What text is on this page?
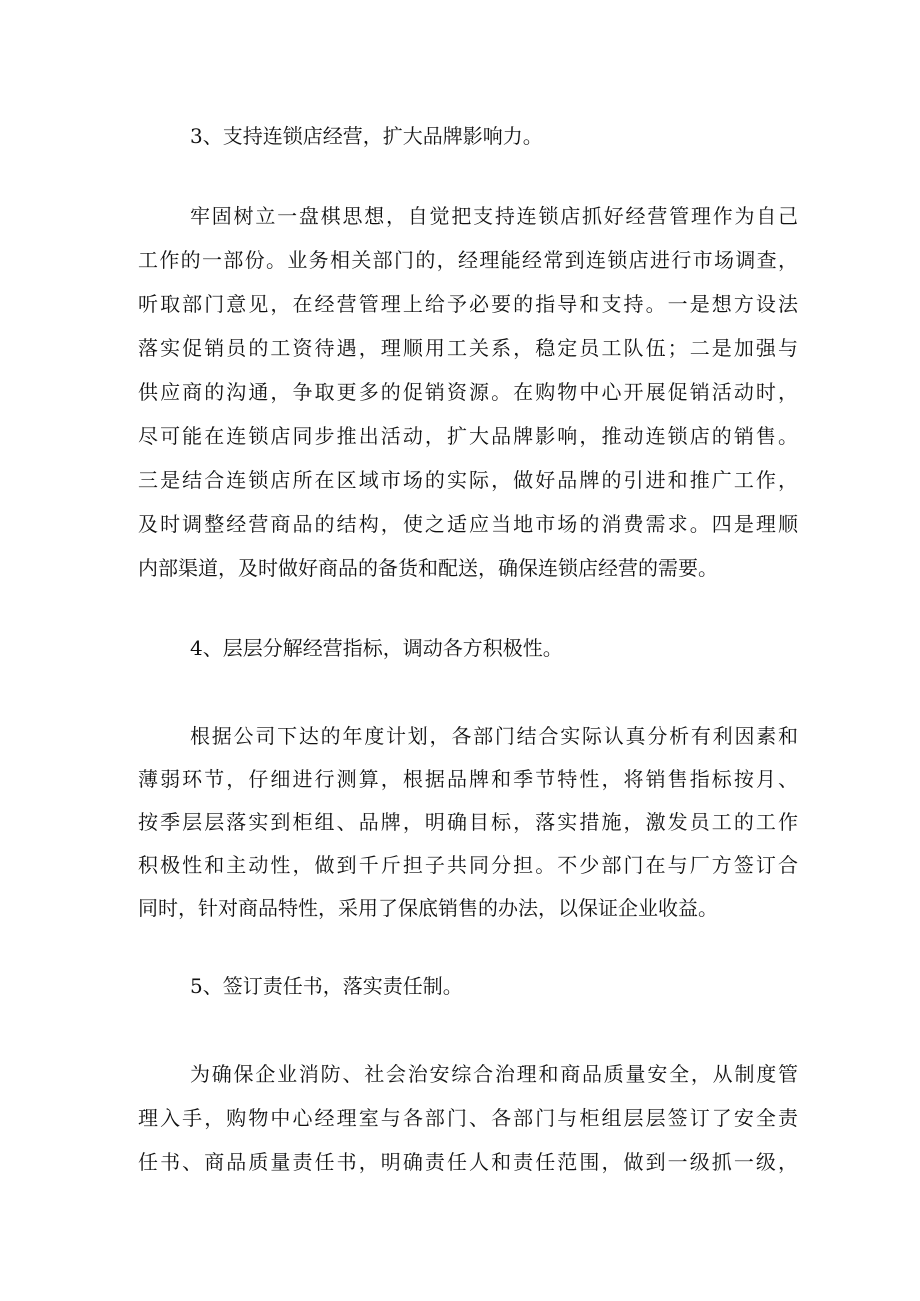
3、支持连锁店经营，扩大品牌影响力。

牢固树立一盘棋思想，自觉把支持连锁店抓好经营管理作为自己

工作的一部份。业务相关部门的，经理能经常到连锁店进行市场调查，

听取部门意见，在经营管理上给予必要的指导和支持。一是想方设法

落实促销员的工资待遇，理顺用工关系，稳定员工队伍；二是加强与

供应商的沟通，争取更多的促销资源。在购物中心开展促销活动时，

尽可能在连锁店同步推出活动，扩大品牌影响，推动连锁店的销售。

三是结合连锁店所在区域市场的实际，做好品牌的引进和推广工作，

及时调整经营商品的结构，使之适应当地市场的消费需求。四是理顺

内部渠道，及时做好商品的备货和配送，确保连锁店经营的需要。

4、层层分解经营指标，调动各方积极性。

根据公司下达的年度计划，各部门结合实际认真分析有利因素和

薄弱环节，仔细进行测算，根据品牌和季节特性，将销售指标按月、

按季层层落实到柜组、品牌，明确目标，落实措施，激发员工的工作

积极性和主动性，做到千斤担子共同分担。不少部门在与厂方签订合

同时，针对商品特性，采用了保底销售的办法，以保证企业收益。

5、签订责任书，落实责任制。

为确保企业消防、社会治安综合治理和商品质量安全，从制度管

理入手，购物中心经理室与各部门、各部门与柜组层层签订了安全责

任书、商品质量责任书，明确责任人和责任范围，做到一级抓一级，
